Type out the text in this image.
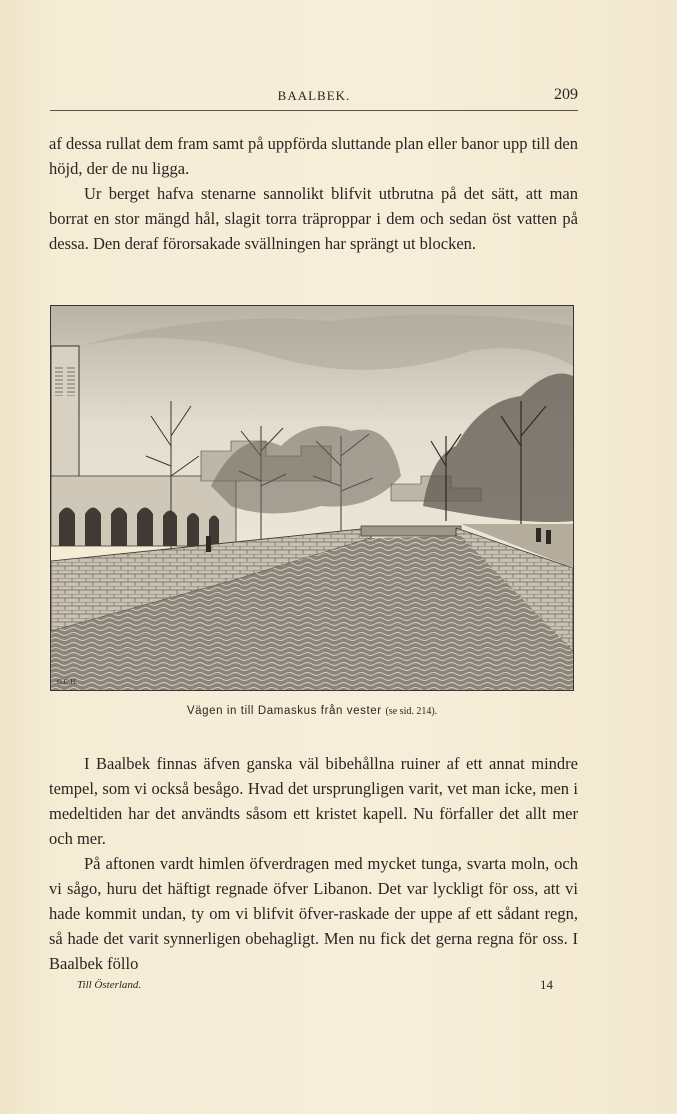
BAALBEK.	209

af dessa rullat dem fram samt på uppförda sluttande plan eller banor upp till den höjd, der de nu ligga.

Ur berget hafva stenarne sannolikt blifvit utbrutna på det sätt, att man borrat en stor mängd hål, slagit torra träproppar i dem och sedan öst vatten på dessa. Den deraf förorsakade svällningen har sprängt ut blocken.

G.C.H.
Vägen in till Damaskus från vester (se sid. 214).

I Baalbek finnas äfven ganska väl bibehållna ruiner af ett annat mindre tempel, som vi också besågo. Hvad det ursprungligen varit, vet man icke, men i medeltiden har det användts såsom ett kristet kapell. Nu förfaller det allt mer och mer.

På aftonen vardt himlen öfverdragen med mycket tunga, svarta moln, och vi sågo, huru det häftigt regnade öfver Libanon. Det var lyckligt för oss, att vi hade kommit undan, ty om vi blifvit öfver-raskade der uppe af ett sådant regn, så hade det varit synnerligen obehagligt. Men nu fick det gerna regna för oss. I Baalbek föllo

Till Österland.	14
